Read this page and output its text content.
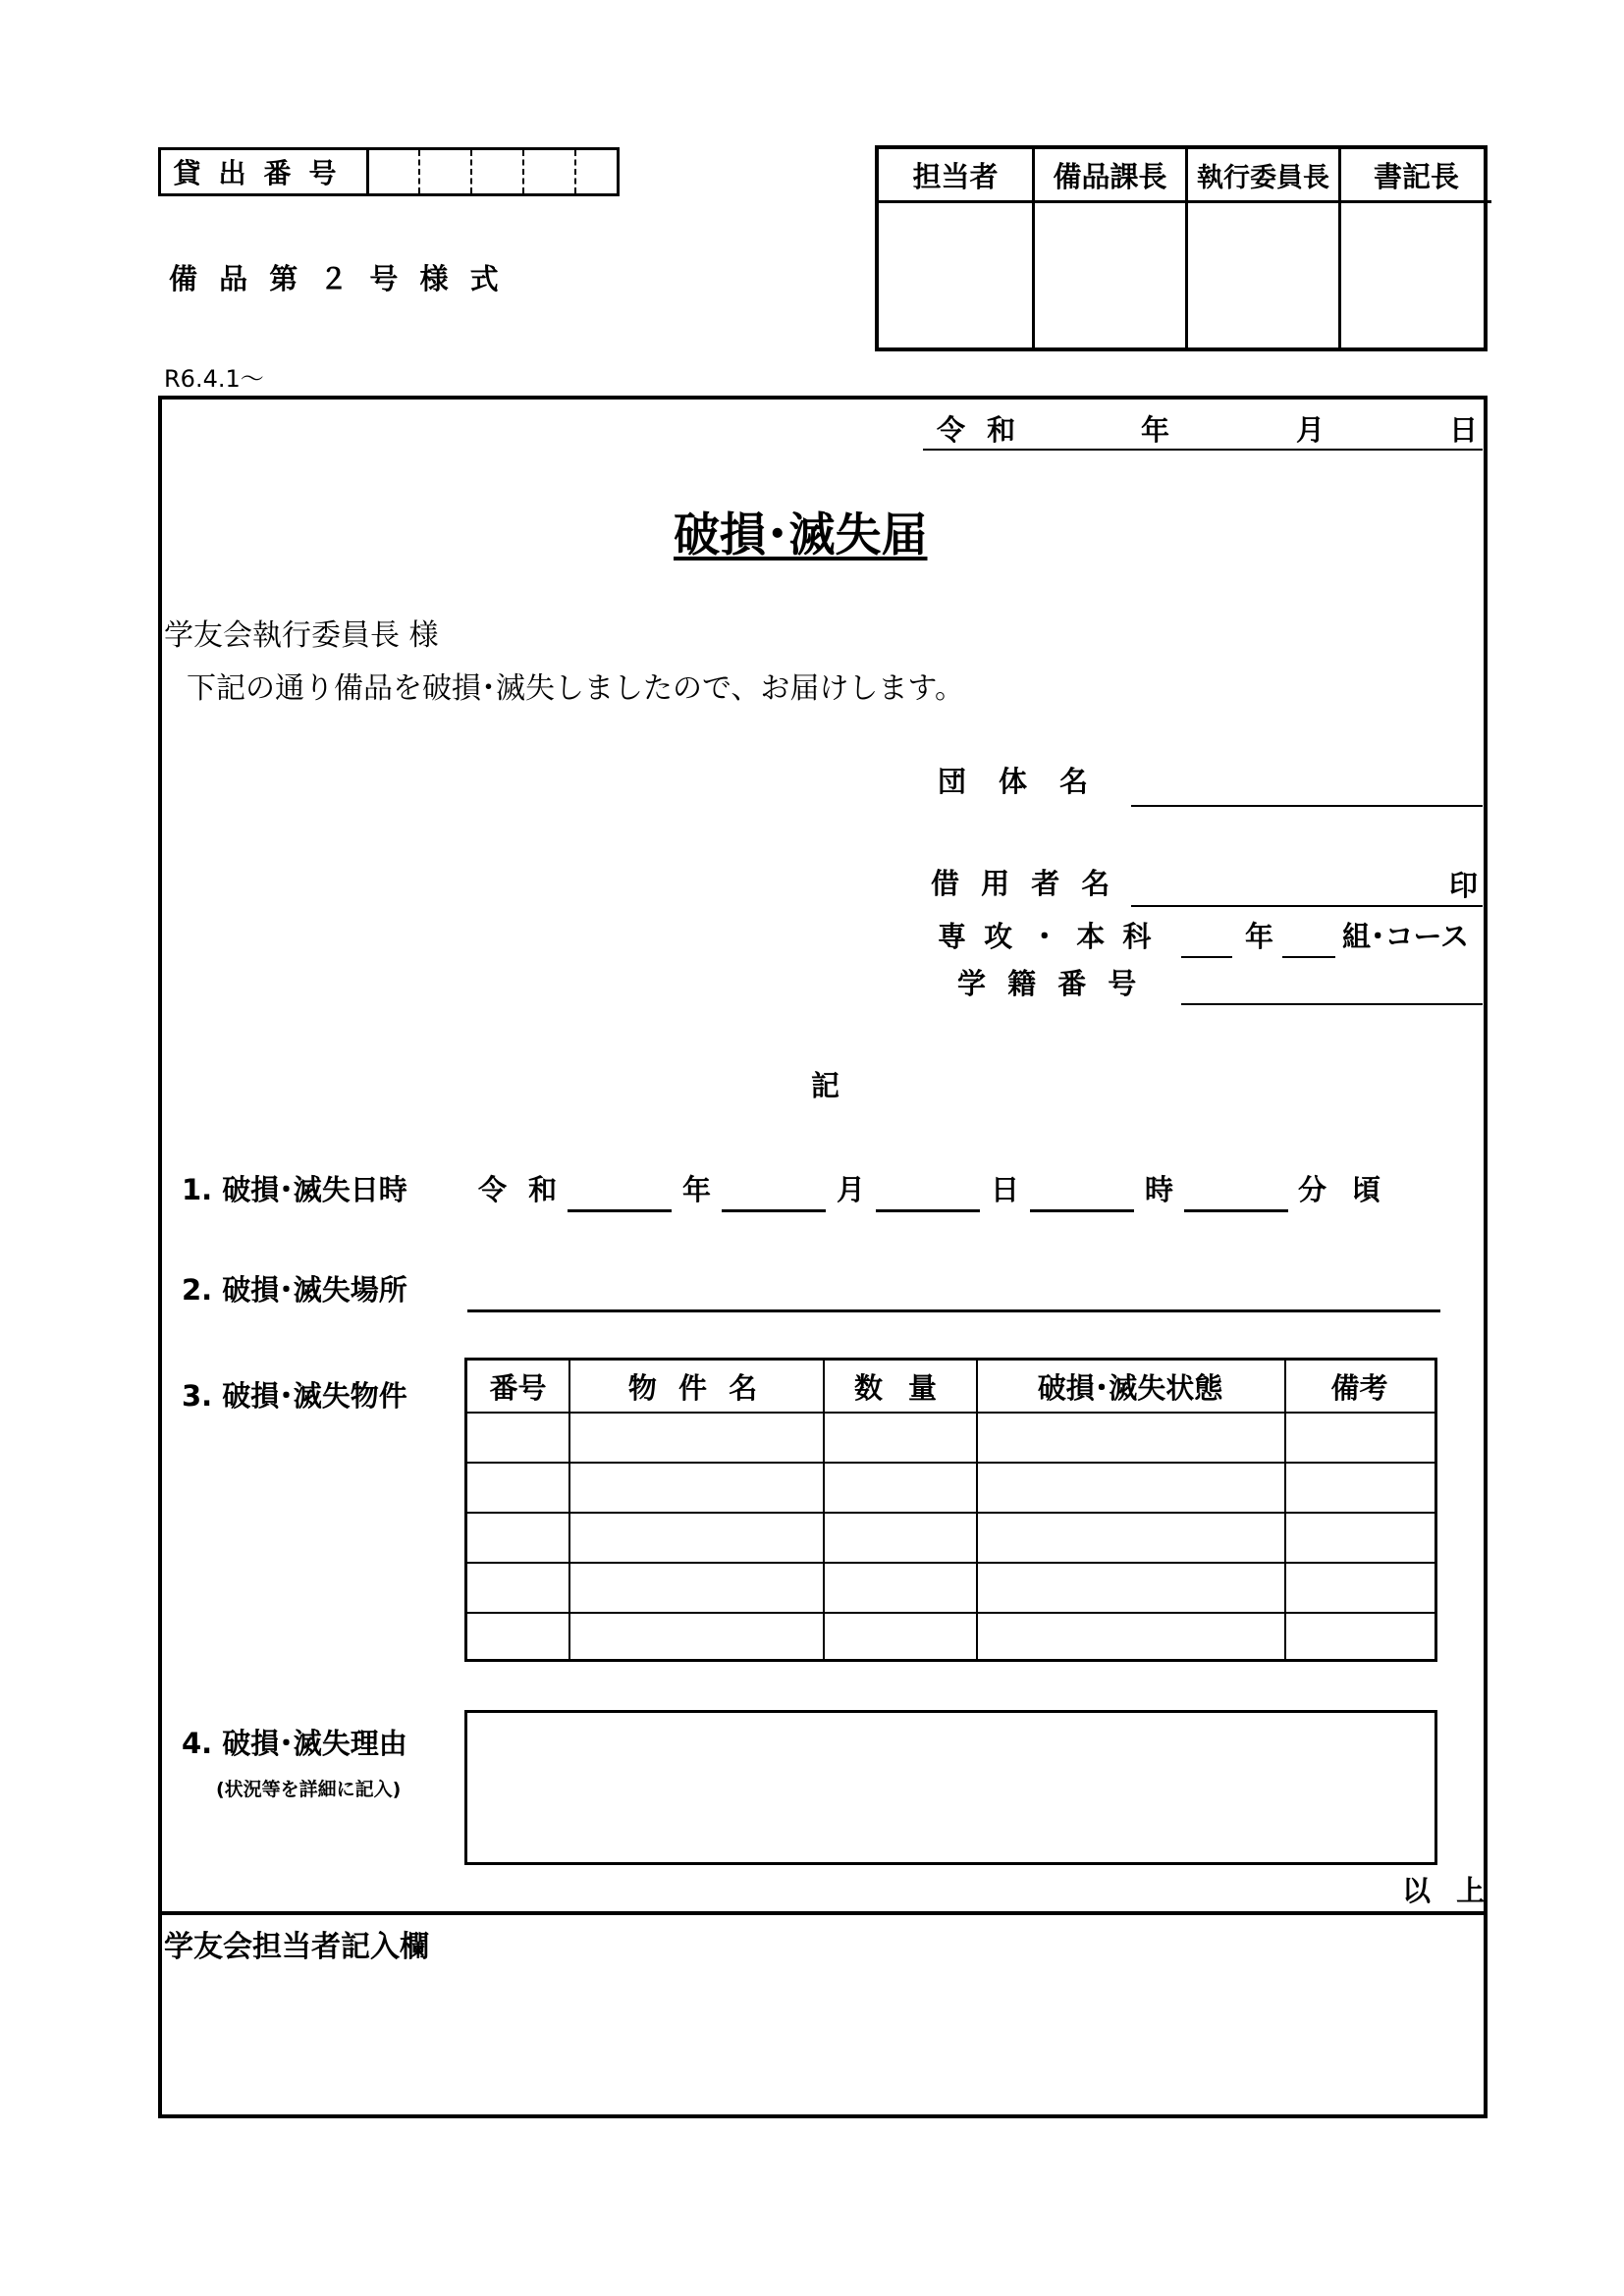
貸出番号
備 品 第 ２ 号 様 式
R6.4.1～
担当者	備品課長	執行委員長	書記長
令 和	年	月	日
破損･滅失届
学友会執行委員長 様
下記の通り備品を破損･滅失しましたので、お届けします。
団　体　名
借 用 者 名	印
専 攻 ・ 本 科	年 組･コース
学 籍 番 号
記
1. 破損･滅失日時 令 和	年	月	日	時	分 頃
2. 破損･滅失場所
3. 破損･滅失物件	番号	物 件 名	数 量	破損･滅失状態	備考
4. 破損･滅失理由
(状況等を詳細に記入)
以 上
学友会担当者記入欄
